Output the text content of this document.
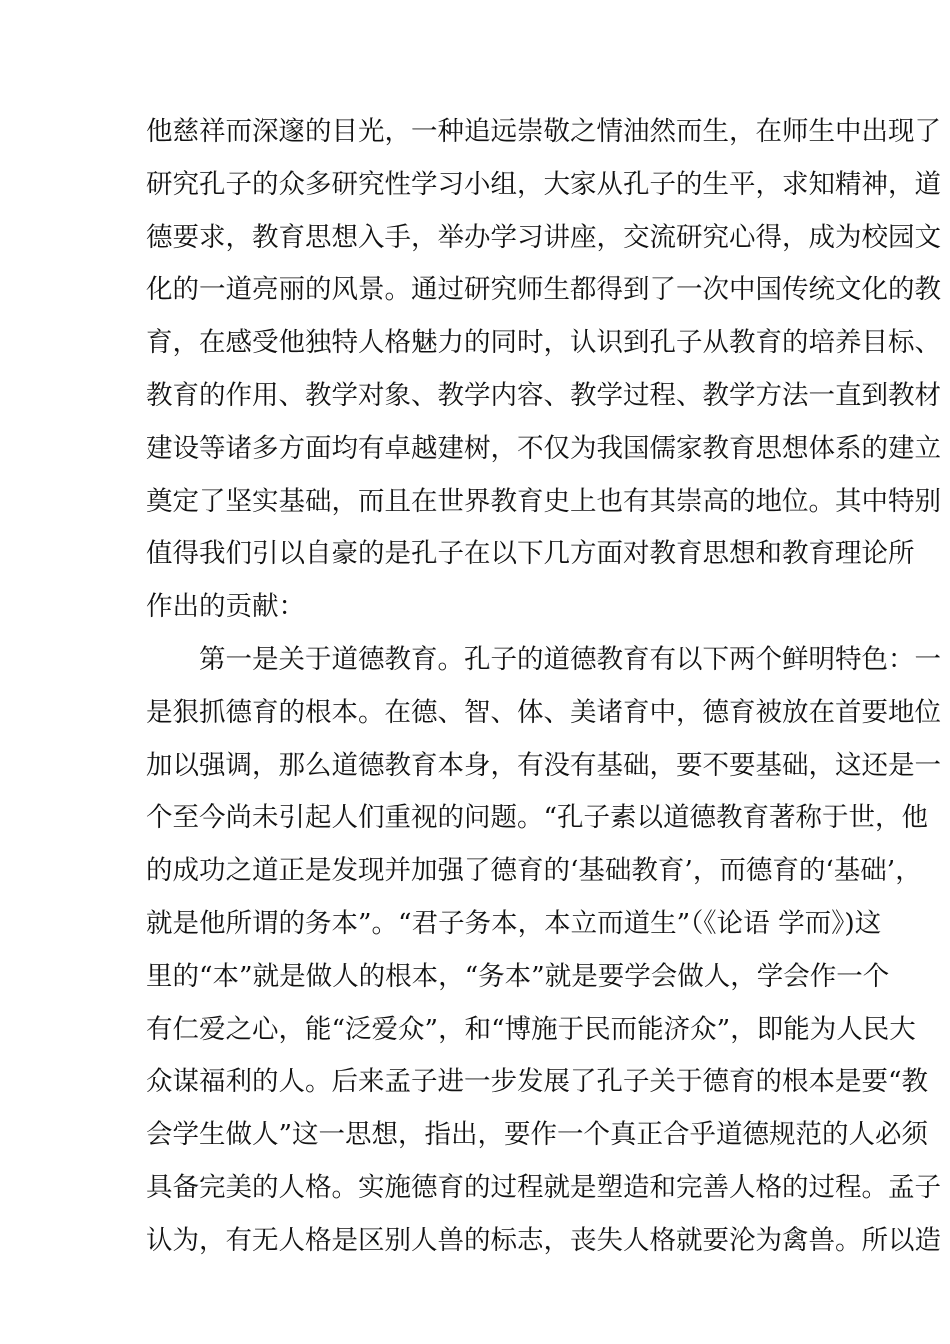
他慈祥而深邃的目光，一种追远崇敬之情油然而生，在师生中出现了
研究孔子的众多研究性学习小组，大家从孔子的生平，求知精神，道
德要求，教育思想入手，举办学习讲座，交流研究心得，成为校园文
化的一道亮丽的风景。通过研究师生都得到了一次中国传统文化的教
育，在感受他独特人格魅力的同时，认识到孔子从教育的培养目标、
教育的作用、教学对象、教学内容、教学过程、教学方法一直到教材
建设等诸多方面均有卓越建树，不仅为我国儒家教育思想体系的建立
奠定了坚实基础，而且在世界教育史上也有其崇高的地位。其中特别
值得我们引以自豪的是孔子在以下几方面对教育思想和教育理论所
作出的贡献：
第一是关于道德教育。孔子的道德教育有以下两个鲜明特色：一
是狠抓德育的根本。在德、智、体、美诸育中，德育被放在首要地位
加以强调，那么道德教育本身，有没有基础，要不要基础，这还是一
个至今尚未引起人们重视的问题。“孔子素以道德教育著称于世，他
的成功之道正是发现并加强了德育的‘基础教育’，而德育的‘基础’，
就是他所谓的务本”。“君子务本，本立而道生”（《论语 学而》)这
里的“本”就是做人的根本，“务本”就是要学会做人，学会作一个
有仁爱之心，能“泛爱众”，和“博施于民而能济众”，即能为人民大
众谋福利的人。后来孟子进一步发展了孔子关于德育的根本是要“教
会学生做人”这一思想，指出，要作一个真正合乎道德规范的人必须
具备完美的人格。实施德育的过程就是塑造和完善人格的过程。孟子
认为，有无人格是区别人兽的标志，丧失人格就要沦为禽兽。所以造
